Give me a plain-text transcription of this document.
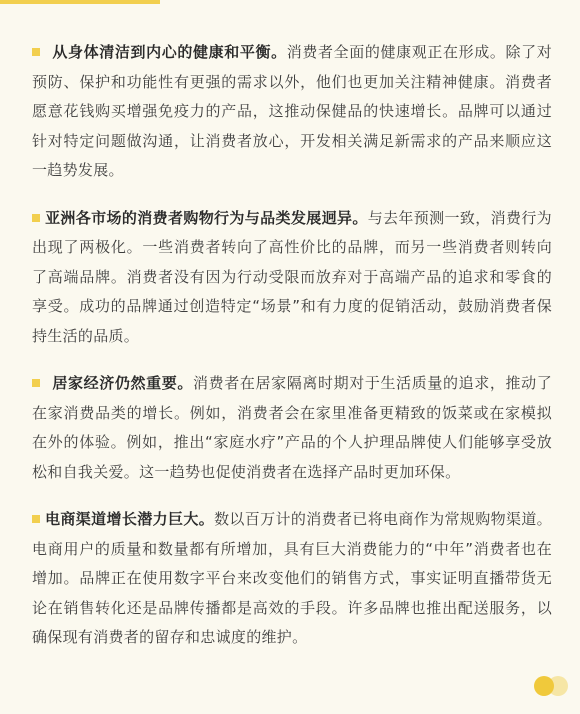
从身体清洁到内心的健康和平衡。消费者全面的健康观正在形成。除了对预防、保护和功能性有更强的需求以外，他们也更加关注精神健康。消费者愿意花钱购买增强免疫力的产品，这推动保健品的快速增长。品牌可以通过针对特定问题做沟通，让消费者放心，开发相关满足新需求的产品来顺应这一趋势发展。

亚洲各市场的消费者购物行为与品类发展迥异。与去年预测一致，消费行为出现了两极化。一些消费者转向了高性价比的品牌，而另一些消费者则转向了高端品牌。消费者没有因为行动受限而放弃对于高端产品的追求和零食的享受。成功的品牌通过创造特定“场景”和有力度的促销活动，鼓励消费者保持生活的品质。

居家经济仍然重要。消费者在居家隔离时期对于生活质量的追求，推动了在家消费品类的增长。例如，消费者会在家里准备更精致的饭菜或在家模拟在外的体验。例如，推出“家庭水疗”产品的个人护理品牌使人们能够享受放松和自我关爱。这一趋势也促使消费者在选择产品时更加环保。

电商渠道增长潜力巨大。数以百万计的消费者已将电商作为常规购物渠道。电商用户的质量和数量都有所增加，具有巨大消费能力的“中年”消费者也在增加。品牌正在使用数字平台来改变他们的销售方式，事实证明直播带货无论在销售转化还是品牌传播都是高效的手段。许多品牌也推出配送服务，以确保现有消费者的留存和忠诚度的维护。
